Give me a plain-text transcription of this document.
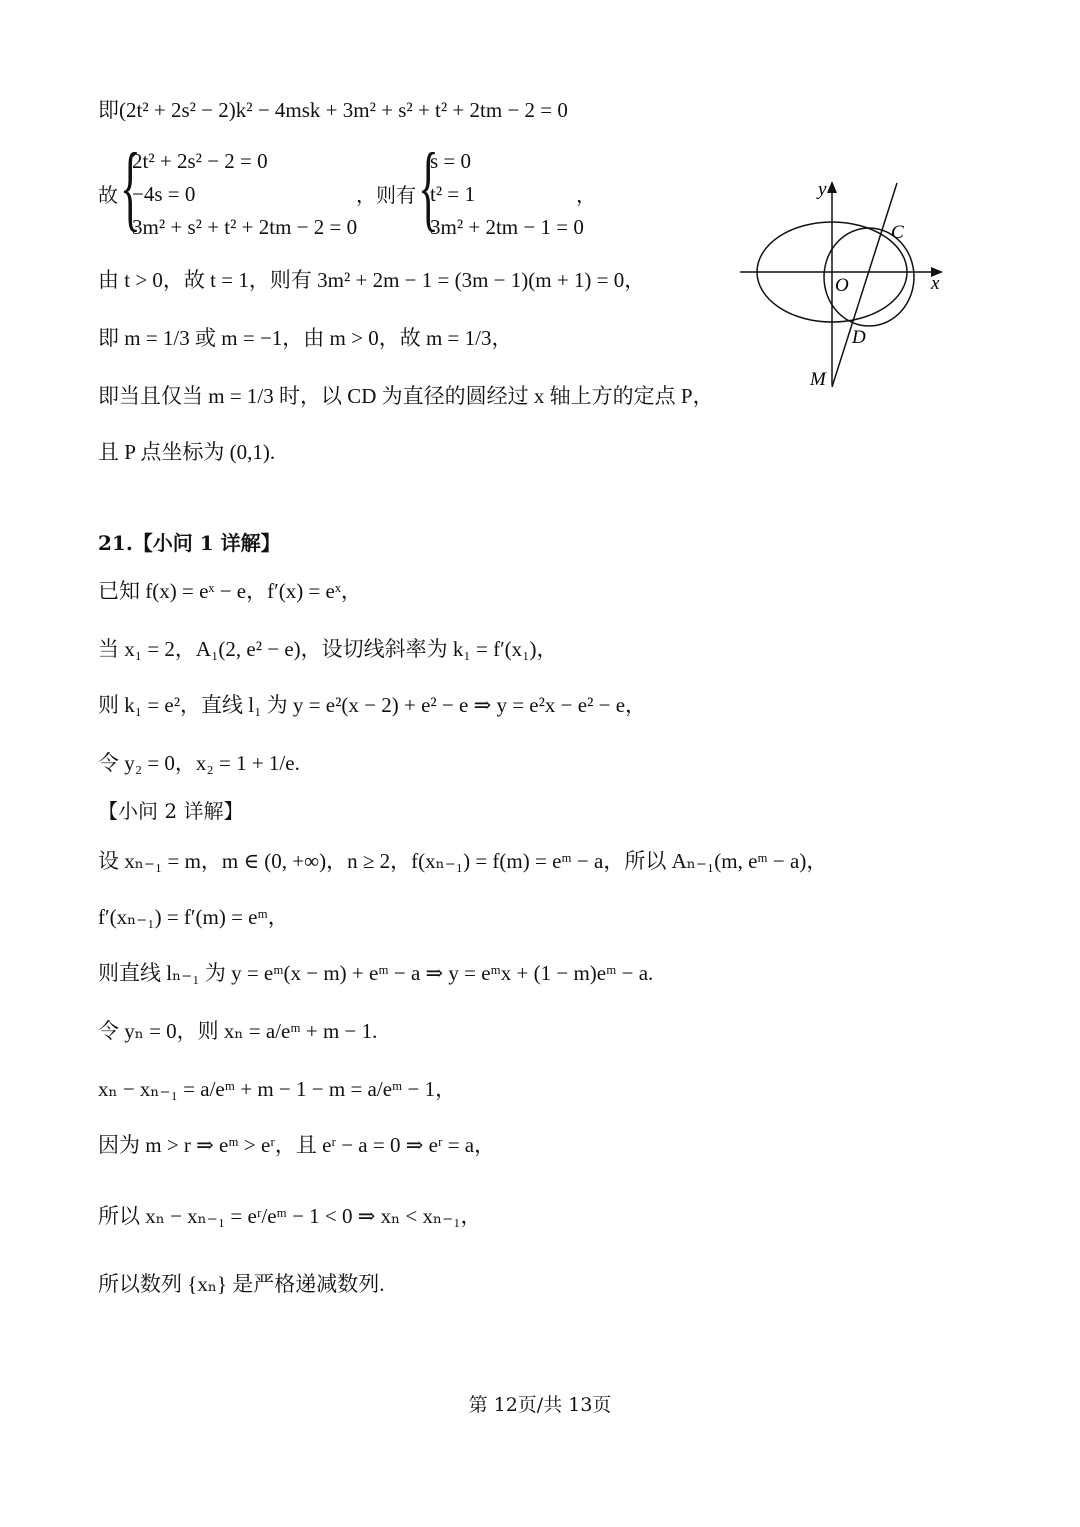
即(2t² + 2s² − 2)k² − 4msk + 3m² + s² + t² + 2tm − 2 = 0
故 {
2t² + 2s² − 2 = 0
−4s = 0
3m² + s² + t² + 2tm − 2 = 0
，则有 {
s = 0
t² = 1
3m² + 2tm − 1 = 0
，
由 t > 0，故 t = 1，则有 3m² + 2m − 1 = (3m − 1)(m + 1) = 0，
即 m = 1/3 或 m = −1，由 m > 0，故 m = 1/3，
即当且仅当 m = 1/3 时，以 CD 为直径的圆经过 x 轴上方的定点 P，
且 P 点坐标为 (0,1).
21.【小问 1 详解】
已知 f(x) = eˣ − e，f′(x) = eˣ，
当 x₁ = 2，A₁(2, e² − e)，设切线斜率为 k₁ = f′(x₁)，
则 k₁ = e²，直线 l₁ 为 y = e²(x − 2) + e² − e ⇒ y = e²x − e² − e，
令 y₂ = 0，x₂ = 1 + 1/e.
【小问 2 详解】
设 xₙ₋₁ = m，m ∈ (0, +∞)，n ≥ 2，f(xₙ₋₁) = f(m) = eᵐ − a，所以 Aₙ₋₁(m, eᵐ − a)，
f′(xₙ₋₁) = f′(m) = eᵐ，
则直线 lₙ₋₁ 为 y = eᵐ(x − m) + eᵐ − a ⇒ y = eᵐx + (1 − m)eᵐ − a.
令 yₙ = 0，则 xₙ = a/eᵐ + m − 1.
xₙ − xₙ₋₁ = a/eᵐ + m − 1 − m = a/eᵐ − 1，
因为 m > r ⇒ eᵐ > eʳ，且 eʳ − a = 0 ⇒ eʳ = a，
所以 xₙ − xₙ₋₁ = eʳ/eᵐ − 1 < 0 ⇒ xₙ < xₙ₋₁，
所以数列 {xₙ} 是严格递减数列.
y
x
O
C
D
M
第 12页/共 13页
